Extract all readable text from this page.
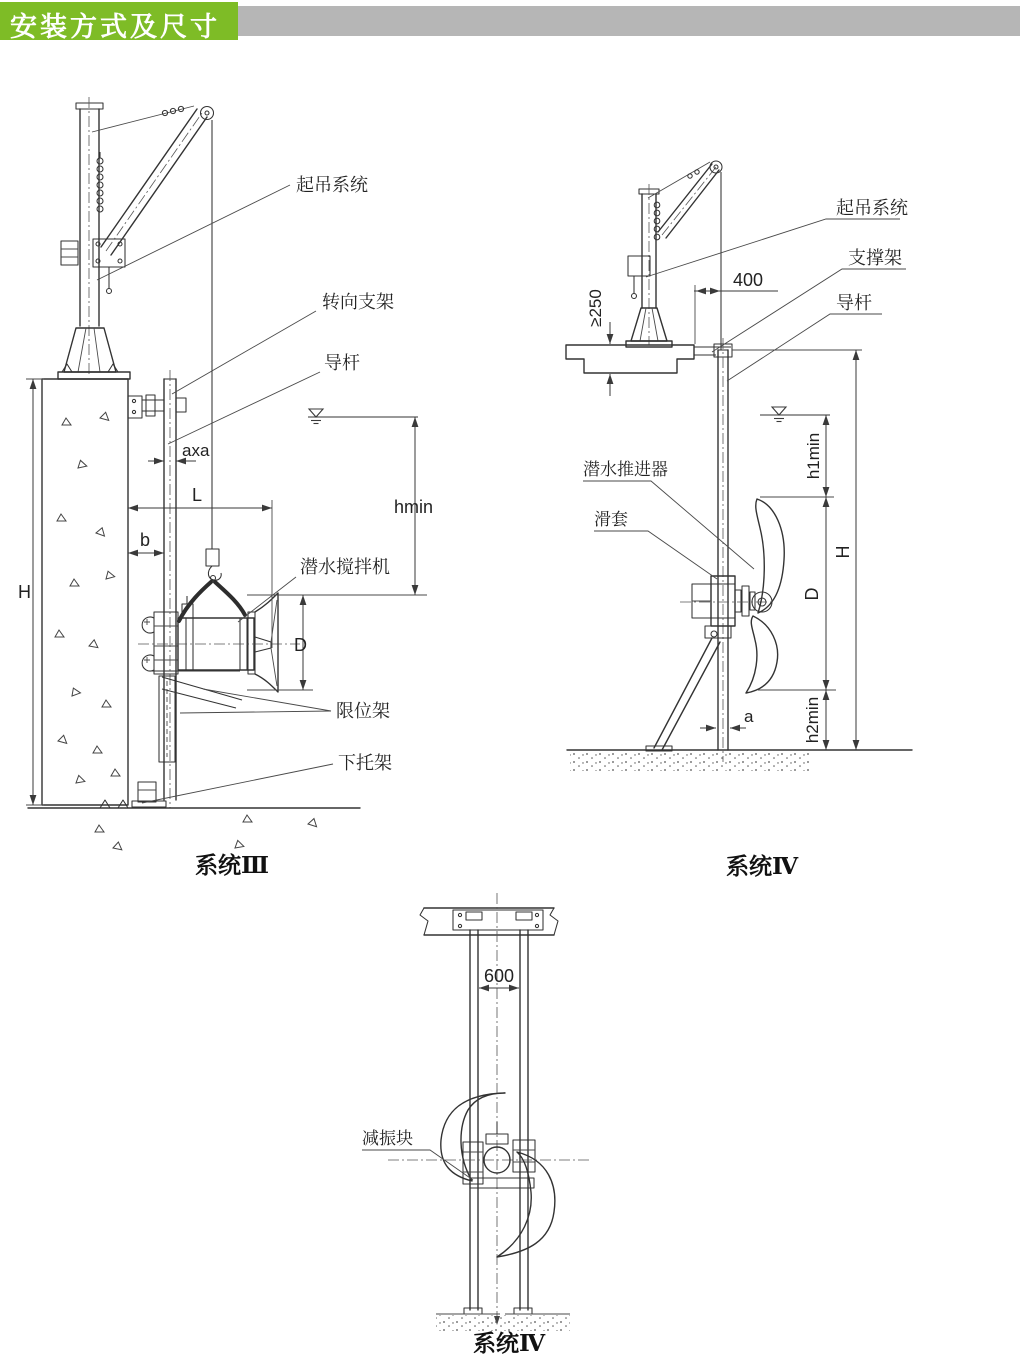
安装方式及尺寸
H
hmin
axa
L
b
D
起吊系统
转向支架
导杆
潜水搅拌机
限位架
下托架
系统Ⅲ
≥250
400
h1min
D
h2min
H
a
起吊系统
支撑架
导杆
潜水推进器
滑套
系统Ⅳ
600
减振块
系统Ⅳ
